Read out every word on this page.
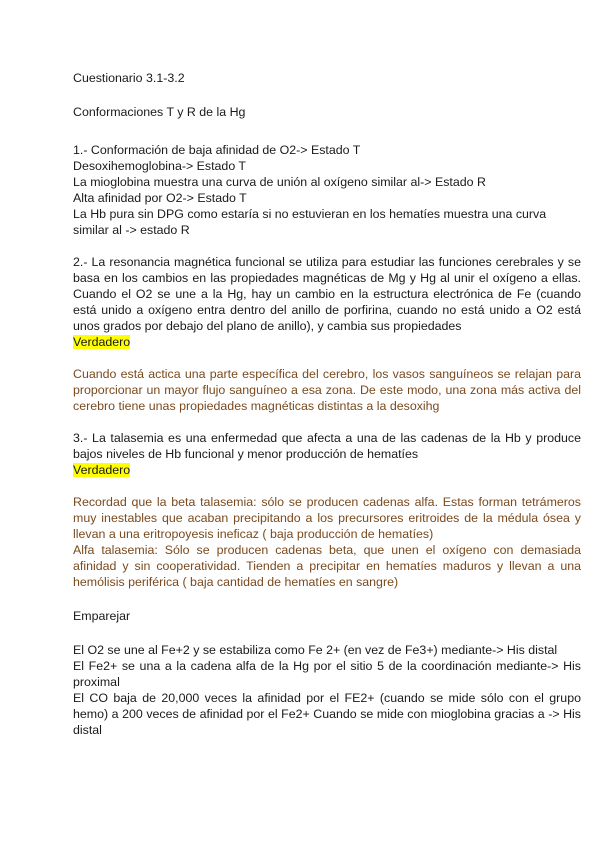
Cuestionario 3.1-3.2

Conformaciones T y R de la Hg

1.- Conformación de baja afinidad de O2-> Estado T

Desoxihemoglobina-> Estado T

La mioglobina muestra una curva de unión al oxígeno similar al-> Estado R

Alta afinidad por O2-> Estado T

La Hb pura sin DPG como estaría si no estuvieran en los hematíes muestra una curva similar al -> estado R

2.- La resonancia magnética funcional se utiliza para estudiar las funciones cerebrales y se basa en los cambios en las propiedades magnéticas de Mg y Hg al unir el oxígeno a ellas. Cuando el O2 se une a la Hg, hay un cambio en la estructura electrónica de Fe (cuando está unido a oxígeno entra dentro del anillo de porfirina, cuando no está unido a O2 está unos grados por debajo del plano de anillo), y cambia sus propiedades

Verdadero

Cuando está actica una parte específica del cerebro, los vasos sanguíneos se relajan para proporcionar un mayor flujo sanguíneo a esa zona. De este modo, una zona más activa del cerebro tiene unas propiedades magnéticas distintas a la desoxihg

3.- La talasemia es una enfermedad que afecta a una de las cadenas de la Hb y produce bajos niveles de Hb funcional y menor producción de hematíes

Verdadero

Recordad que la beta talasemia: sólo se producen cadenas alfa. Estas forman tetrámeros muy inestables que acaban precipitando a los precursores eritroides de la médula ósea y llevan a una eritropoyesis ineficaz ( baja producción de hematíes)

Alfa talasemia: Sólo se producen cadenas beta, que unen el oxígeno con demasiada afinidad y sin cooperatividad. Tienden a precipitar en hematíes maduros y llevan a una hemólisis periférica ( baja cantidad de hematíes en sangre)

Emparejar

El O2 se une al Fe+2 y se estabiliza como Fe 2+ (en vez de Fe3+) mediante-> His distal

El Fe2+ se una a la cadena alfa de la Hg por el sitio 5 de la coordinación mediante-> His proximal

El CO baja de 20,000 veces la afinidad por el FE2+ (cuando se mide sólo con el grupo hemo) a 200 veces de afinidad por el Fe2+ Cuando se mide con mioglobina gracias a -> His distal
